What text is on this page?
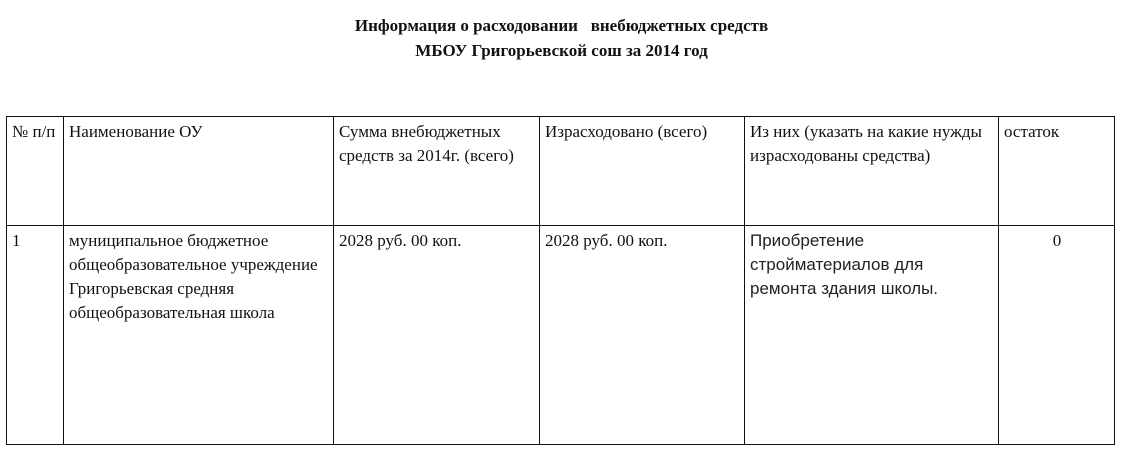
Информация о расходовании   внебюджетных средств
МБОУ Григорьевской сош за 2014 год
№ п/п	Наименование ОУ	Сумма внебюджетных средств за 2014г. (всего)	Израсходовано (всего)	Из них (указать на какие нужды израсходованы средства)	остаток
1	муниципальное бюджетное общеобразовательное учреждение Григорьевская средняя общеобразовательная школа	2028 руб. 00 коп.	2028 руб. 00 коп.	Приобретение стройматериалов для ремонта здания школы.	0
